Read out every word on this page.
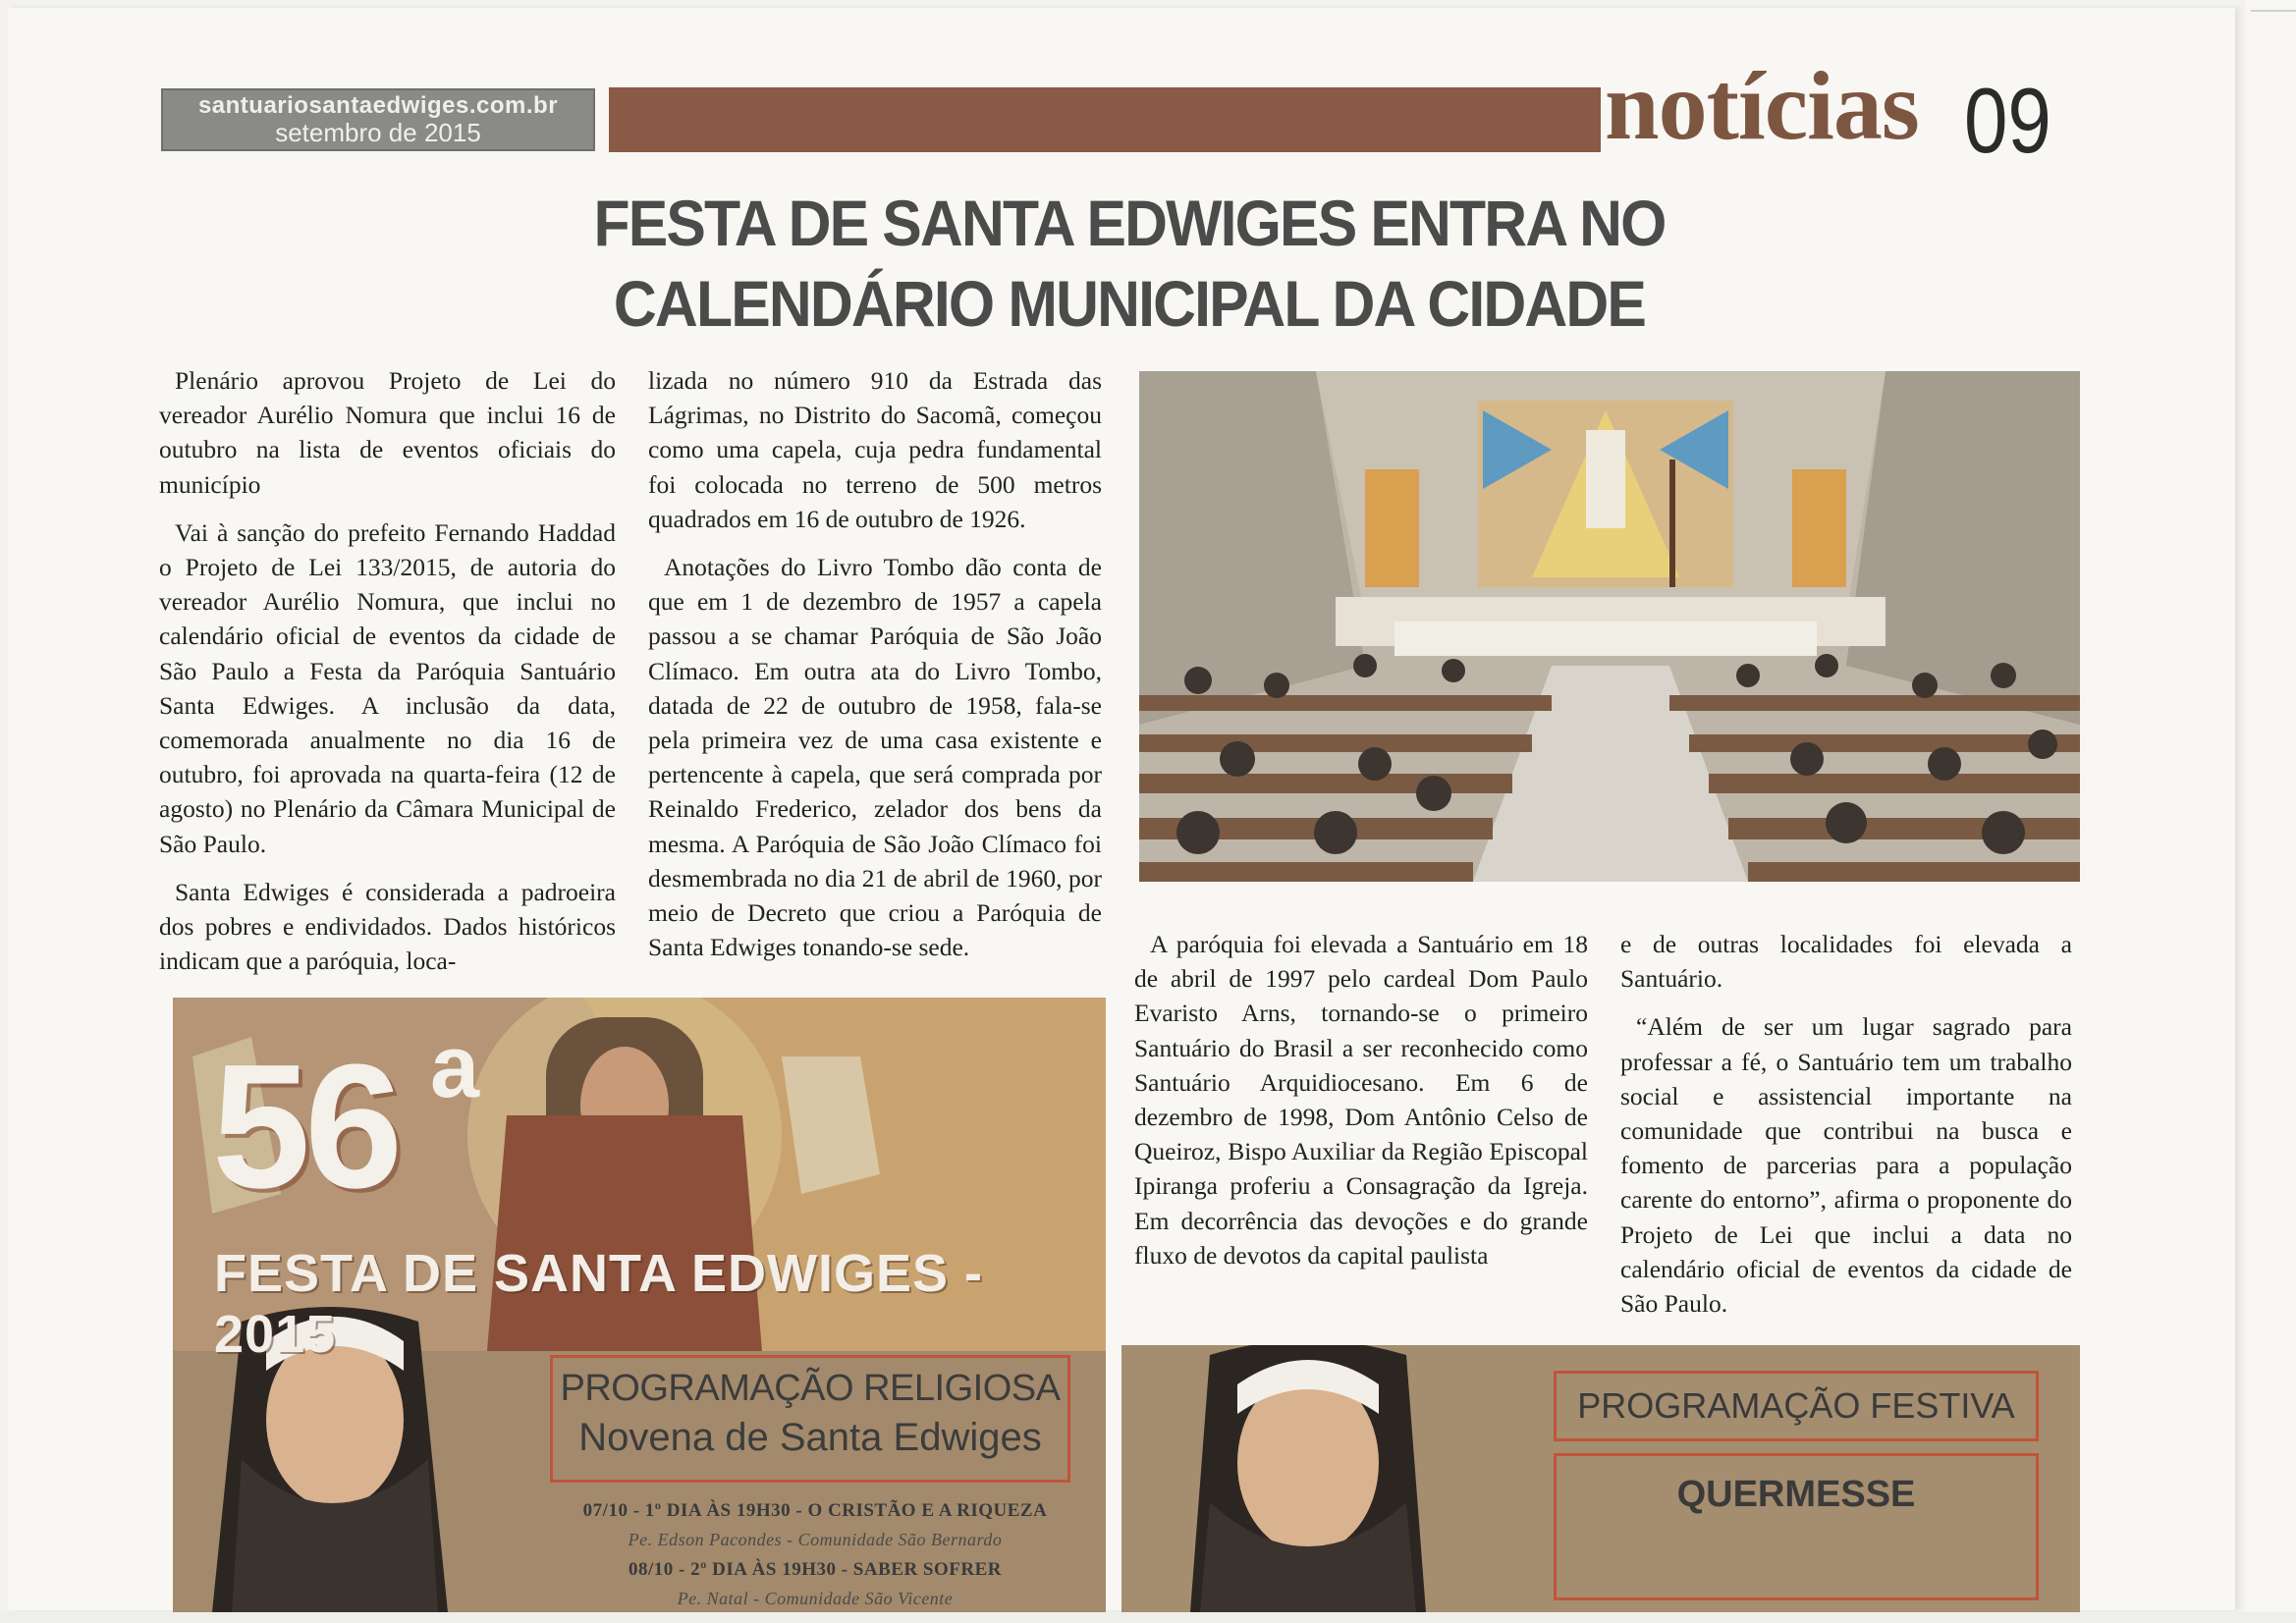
santuariosantaedwiges.com.br
setembro de 2015	notícias 09
FESTA DE SANTA EDWIGES ENTRA NO
CALENDÁRIO MUNICIPAL DA CIDADE

Plenário aprovou Projeto de Lei do vereador Aurélio Nomura que inclui 16 de outubro na lista de eventos oficiais do município

Vai à sanção do prefeito Fernando Haddad o Projeto de Lei 133/2015, de autoria do vereador Aurélio Nomura, que inclui no calendário oficial de eventos da cidade de São Paulo a Festa da Paróquia Santuário Santa Edwiges. A inclusão da data, comemorada anualmente no dia 16 de outubro, foi aprovada na quarta-feira (12 de agosto) no Plenário da Câmara Municipal de São Paulo.

Santa Edwiges é considerada a padroeira dos pobres e endividados. Dados históricos indicam que a paróquia, loca-

lizada no número 910 da Estrada das Lágrimas, no Distrito do Sacomã, começou como uma capela, cuja pedra fundamental foi colocada no terreno de 500 metros quadrados em 16 de outubro de 1926.

Anotações do Livro Tombo dão conta de que em 1 de dezembro de 1957 a capela passou a se chamar Paróquia de São João Clímaco. Em outra ata do Livro Tombo, datada de 22 de outubro de 1958, fala-se pela primeira vez de uma casa existente e pertencente à capela, que será comprada por Reinaldo Frederico, zelador dos bens da mesma. A Paróquia de São João Clímaco foi desmembrada no dia 21 de abril de 1960, por meio de Decreto que criou a Paróquia de Santa Edwiges tonando-se sede.	A paróquia foi elevada a Santuário em 18 de abril de 1997 pelo cardeal Dom Paulo Evaristo Arns, tornando-se o primeiro Santuário do Brasil a ser reconhecido como Santuário Arquidiocesano. Em 6 de dezembro de 1998, Dom Antônio Celso de Queiroz, Bispo Auxiliar da Região Episcopal Ipiranga proferiu a Consagração da Igreja. Em decorrência das devoções e do grande fluxo de devotos da capital paulista

e de outras localidades foi elevada a Santuário.

“Além de ser um lugar sagrado para professar a fé, o Santuário tem um trabalho social e assistencial importante na comunidade que contribui na busca e fomento de parcerias para a população carente do entorno”, afirma o proponente do Projeto de Lei que inclui a data no calendário oficial de eventos da cidade de São Paulo.

56 a
FESTA DE SANTA EDWIGES - 2015
PROGRAMAÇÃO RELIGIOSA
Novena de Santa Edwiges
07/10 - 1º DIA ÀS 19H30 - O CRISTÃO E A RIQUEZA
Pe. Edson Pacondes - Comunidade São Bernardo
08/10 - 2º DIA ÀS 19H30 - SABER SOFRER
Pe. Natal - Comunidade São Vicente
PROGRAMAÇÃO FESTIVA
QUERMESSE
